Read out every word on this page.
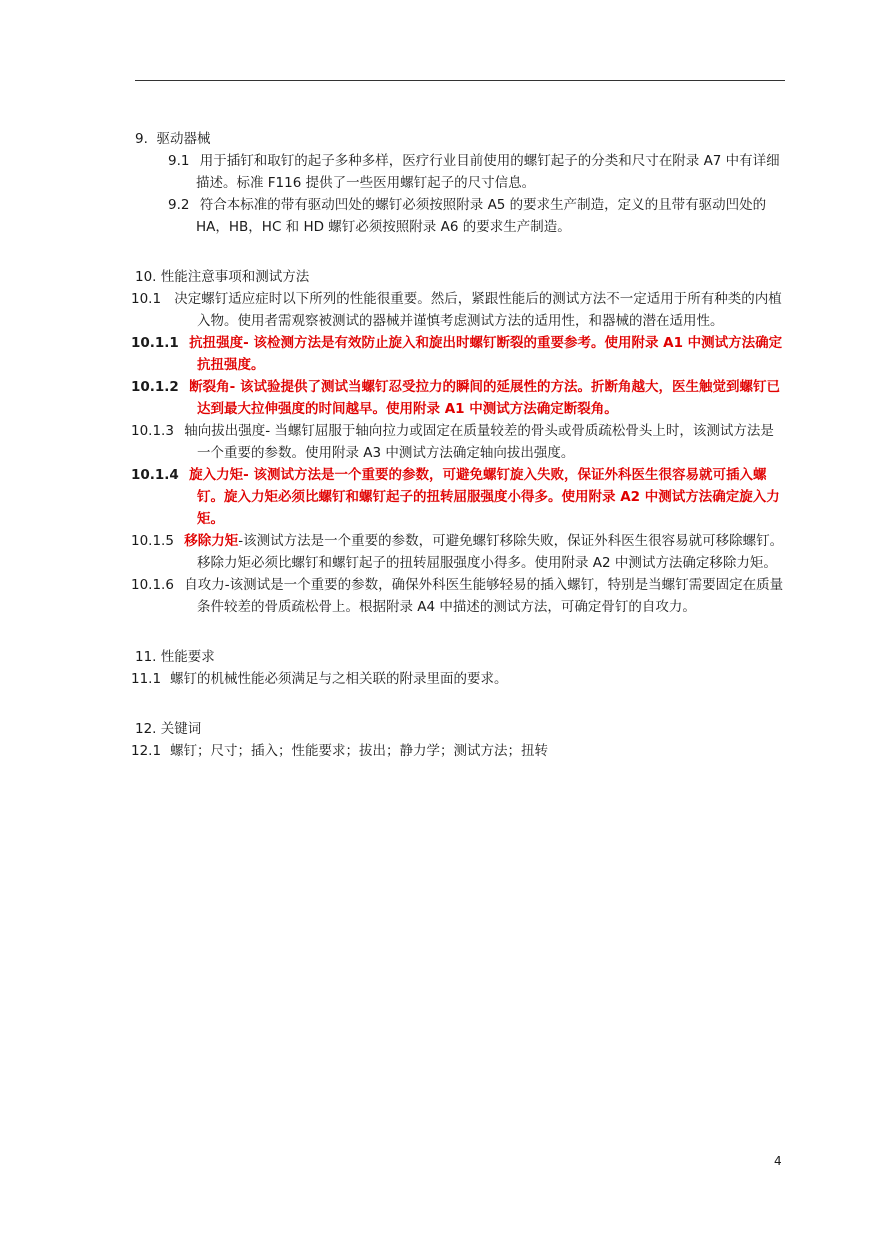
9.  驱动器械

9.1 用于插钉和取钉的起子多种多样，医疗行业目前使用的螺钉起子的分类和尺寸在附录 A7 中有详细描述。标准 F116 提供了一些医用螺钉起子的尺寸信息。

9.2 符合本标准的带有驱动凹处的螺钉必须按照附录 A5 的要求生产制造，定义的且带有驱动凹处的 HA，HB，HC 和 HD 螺钉必须按照附录 A6 的要求生产制造。

10. 性能注意事项和测试方法

10.1 决定螺钉适应症时以下所列的性能很重要。然后，紧跟性能后的测试方法不一定适用于所有种类的内植入物。使用者需观察被测试的器械并谨慎考虑测试方法的适用性，和器械的潜在适用性。

10.1.1 抗扭强度- 该检测方法是有效防止旋入和旋出时螺钉断裂的重要参考。使用附录 A1 中测试方法确定抗扭强度。

10.1.2 断裂角- 该试验提供了测试当螺钉忍受拉力的瞬间的延展性的方法。折断角越大，医生触觉到螺钉已达到最大拉伸强度的时间越早。使用附录 A1 中测试方法确定断裂角。

10.1.3 轴向拔出强度- 当螺钉屈服于轴向拉力或固定在质量较差的骨头或骨质疏松骨头上时，该测试方法是一个重要的参数。使用附录 A3 中测试方法确定轴向拔出强度。

10.1.4 旋入力矩- 该测试方法是一个重要的参数，可避免螺钉旋入失败，保证外科医生很容易就可插入螺钉。旋入力矩必须比螺钉和螺钉起子的扭转屈服强度小得多。使用附录 A2 中测试方法确定旋入力矩。

10.1.5 移除力矩-该测试方法是一个重要的参数，可避免螺钉移除失败，保证外科医生很容易就可移除螺钉。移除力矩必须比螺钉和螺钉起子的扭转屈服强度小得多。使用附录 A2 中测试方法确定移除力矩。

10.1.6 自攻力-该测试是一个重要的参数，确保外科医生能够轻易的插入螺钉，特别是当螺钉需要固定在质量条件较差的骨质疏松骨上。根据附录 A4 中描述的测试方法，可确定骨钉的自攻力。

11. 性能要求

11.1 螺钉的机械性能必须满足与之相关联的附录里面的要求。

12. 关键词

12.1 螺钉；尺寸；插入；性能要求；拔出；静力学；测试方法；扭转

4
